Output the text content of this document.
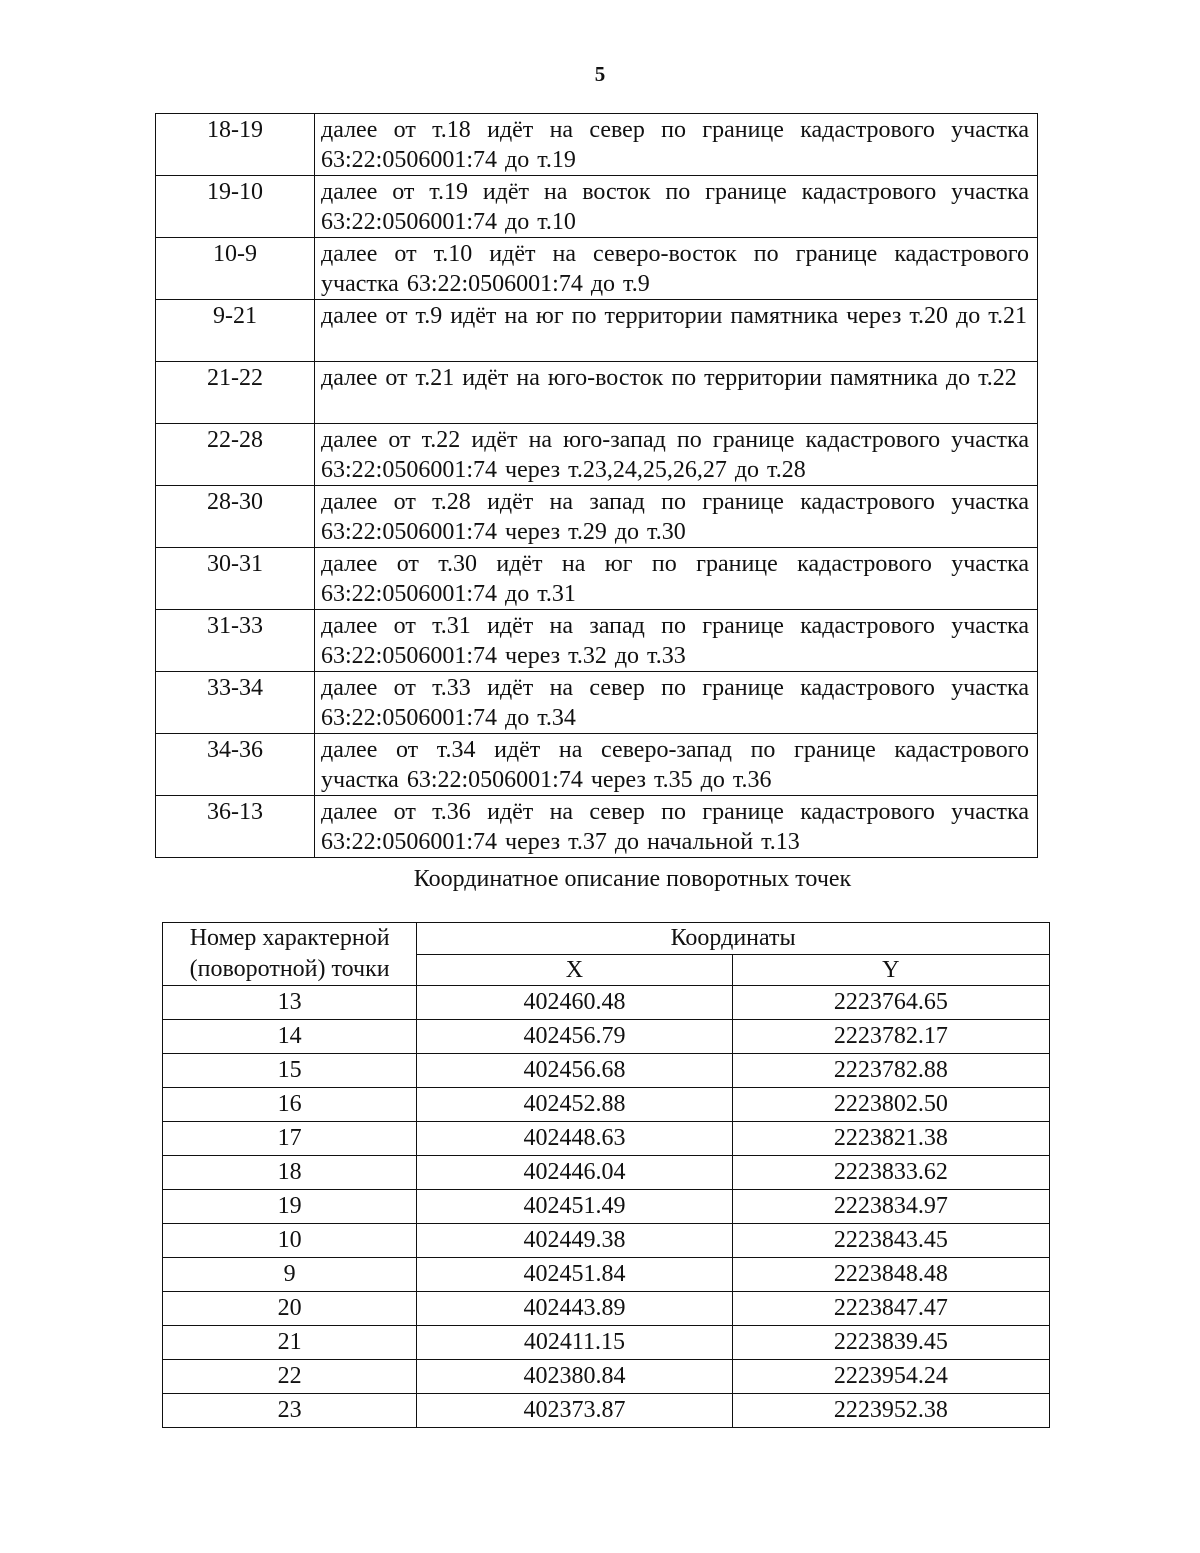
5
18-19	далее от т.18 идёт на север по границе кадастрового участка 63:22:0506001:74 до т.19
19-10	далее от т.19 идёт на восток по границе кадастрового участка 63:22:0506001:74 до т.10
10-9	далее от т.10 идёт на северо-восток по границе кадастрового участка 63:22:0506001:74 до т.9
9-21	далее от т.9 идёт на юг по территории памятника через т.20 до т.21
21-22	далее от т.21 идёт на юго-восток по территории памятника до т.22
22-28	далее от т.22 идёт на юго-запад по границе кадастрового участка 63:22:0506001:74 через т.23,24,25,26,27 до т.28
28-30	далее от т.28 идёт на запад по границе кадастрового участка 63:22:0506001:74 через т.29 до т.30
30-31	далее от т.30 идёт на юг по границе кадастрового участка 63:22:0506001:74 до т.31
31-33	далее от т.31 идёт на запад по границе кадастрового участка 63:22:0506001:74 через т.32 до т.33
33-34	далее от т.33 идёт на север по границе кадастрового участка 63:22:0506001:74 до т.34
34-36	далее от т.34 идёт на северо-запад по границе кадастрового участка 63:22:0506001:74 через т.35 до т.36
36-13	далее от т.36 идёт на север по границе кадастрового участка 63:22:0506001:74 через т.37 до начальной т.13
Координатное описание поворотных точек
Номер характерной
(поворотной) точки	Координаты	
	X	Y
13	402460.48	2223764.65
14	402456.79	2223782.17
15	402456.68	2223782.88
16	402452.88	2223802.50
17	402448.63	2223821.38
18	402446.04	2223833.62
19	402451.49	2223834.97
10	402449.38	2223843.45
9	402451.84	2223848.48
20	402443.89	2223847.47
21	402411.15	2223839.45
22	402380.84	2223954.24
23	402373.87	2223952.38
